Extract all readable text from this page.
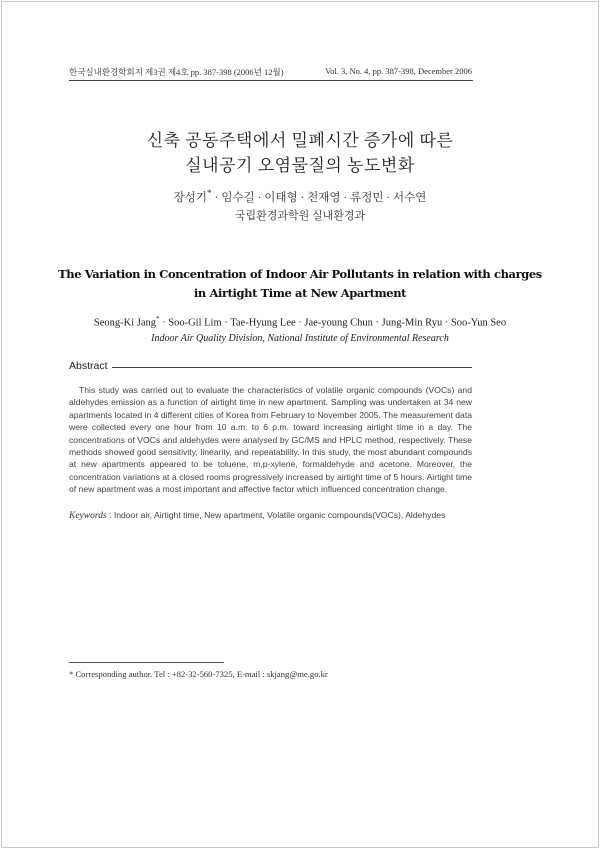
한국실내환경학회지 제3권 제4호 pp. 387-398 (2006년 12월)	Vol. 3, No. 4, pp. 387-398, December 2006
신축 공동주택에서 밀폐시간 증가에 따른
실내공기 오염물질의 농도변화
장성기* · 임수길 · 이태형 · 천재영 · 류정민 · 서수연
국립환경과학원 실내환경과
The Variation in Concentration of Indoor Air Pollutants in relation with charges
in Airtight Time at New Apartment
Seong-Ki Jang* · Soo-Gil Lim · Tae-Hyung Lee · Jae-young Chun · Jung-Min Ryu · Soo-Yun Seo
Indoor Air Quality Division, National Institute of Environmental Research
Abstract
This study was carried out to evaluate the characteristics of volatile organic compounds (VOCs) and aldehydes emission as a function of airtight time in new apartment. Sampling was undertaken at 34 new apartments located in 4 different cities of Korea from February to November 2005. The measurement data were collected every one hour from 10 a.m. to 6 p.m. toward increasing airtight time in a day. The concentrations of VOCs and aldehydes were analysed by GC/MS and HPLC method, respectively. These methods showed good sensitivity, linearity, and repeatability. In this study, the most abundant compounds at new apartments appeared to be toluene, m,p-xylene, formaldehyde and acetone. Moreover, the concentration variations at a closed rooms progressively increased by airtight time of 5 hours. Airtight time of new apartment was a most important and affective factor which influenced concentration change.
Keywords : Indoor air, Airtight time, New apartment, Volatile organic compounds(VOCs), Aldehydes
* Corresponding author. Tel : +82-32-560-7325, E-mail : skjang@me.go.kr
